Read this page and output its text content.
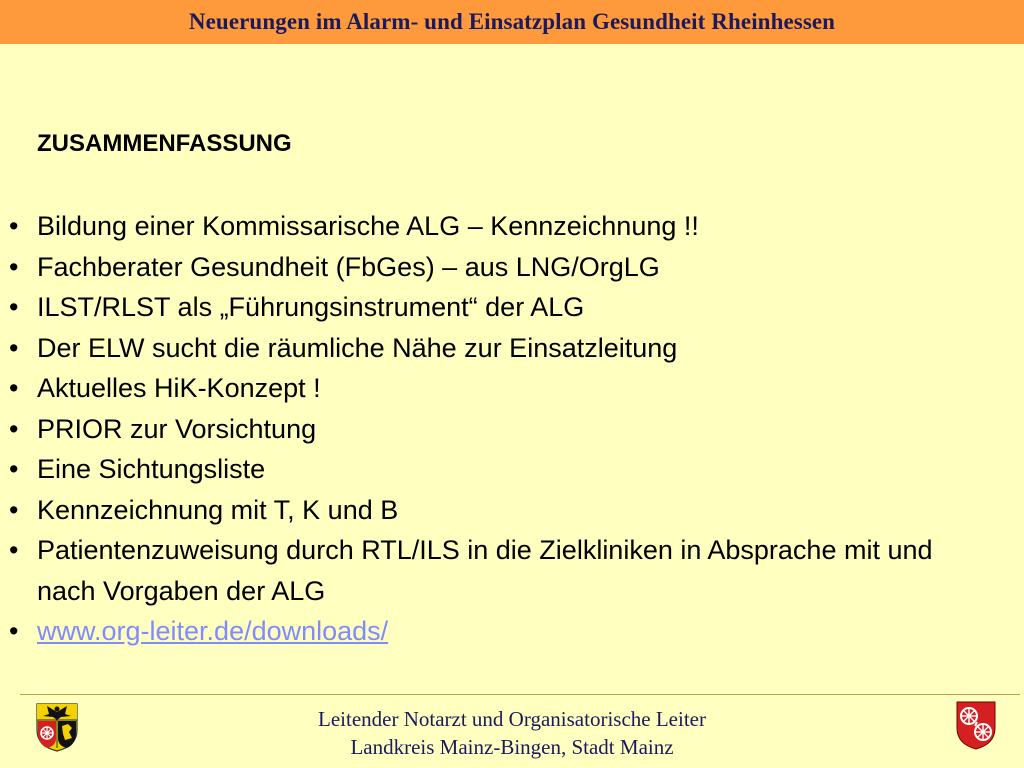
Neuerungen im Alarm- und Einsatzplan Gesundheit Rheinhessen
ZUSAMMENFASSUNG
• Bildung einer Kommissarische ALG – Kennzeichnung !!
• Fachberater Gesundheit (FbGes) – aus LNG/OrgLG
• ILST/RLST als „Führungsinstrument“ der ALG
• Der ELW sucht die räumliche Nähe zur Einsatzleitung
• Aktuelles HiK-Konzept !
• PRIOR zur Vorsichtung
• Eine Sichtungsliste
• Kennzeichnung mit T, K und B
• Patientenzuweisung durch RTL/ILS in die Zielkliniken in Absprache mit und nach Vorgaben der ALG
• www.org-leiter.de/downloads/
Leitender Notarzt und Organisatorische Leiter
Landkreis Mainz-Bingen, Stadt Mainz
